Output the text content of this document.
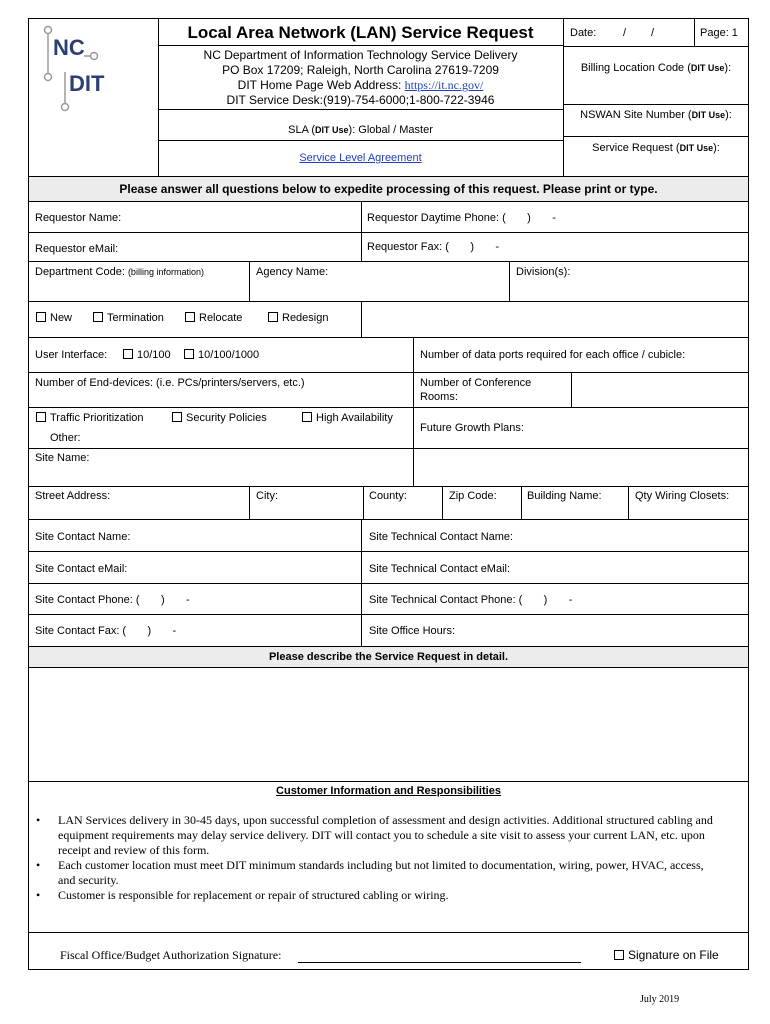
NC
DIT
Local Area Network (LAN) Service Request
NC Department of Information Technology Service Delivery
PO Box 17209; Raleigh, North Carolina 27619-7209
DIT Home Page Web Address: https://it.nc.gov/
DIT Service Desk:(919)-754-6000;1-800-722-3946
SLA (DIT Use): Global / Master
Service Level Agreement
Date: / /	Page: 1
Billing Location Code (DIT Use):
NSWAN Site Number (DIT Use):
Service Request (DIT Use):
Please answer all questions below to expedite processing of this request. Please print or type.
Requestor Name:	Requestor Daytime Phone: (       )       -
Requestor eMail:	Requestor Fax: (       )       -
Department Code: (billing information)	Agency Name:	Division(s):
New	Termination	Relocate	Redesign
User Interface:	10/100	10/100/1000	Number of data ports required for each office / cubicle:
Number of End-devices: (i.e. PCs/printers/servers, etc.)	Number of Conference
Rooms:
Traffic Prioritization	Security Policies	High Availability
Other:
Future Growth Plans:
Site Name:
Street Address:	City:	County:	Zip Code:	Building Name:	Qty Wiring Closets:
Site Contact Name:	Site Technical Contact Name:
Site Contact eMail:	Site Technical Contact eMail:
Site Contact Phone: (       )       -	Site Technical Contact Phone: (       )       -
Site Contact Fax: (       )       -	Site Office Hours:
Please describe the Service Request in detail.
Customer Information and Responsibilities
• LAN Services delivery in 30-45 days, upon successful completion of assessment and design activities. Additional structured cabling and
equipment requirements may delay service delivery. DIT will contact you to schedule a site visit to assess your current LAN, etc. upon
receipt and review of this form.
• Each customer location must meet DIT minimum standards including but not limited to documentation, wiring, power, HVAC, access,
and security.
• Customer is responsible for replacement or repair of structured cabling or wiring.
Fiscal Office/Budget Authorization Signature:	Signature on File
July 2019
